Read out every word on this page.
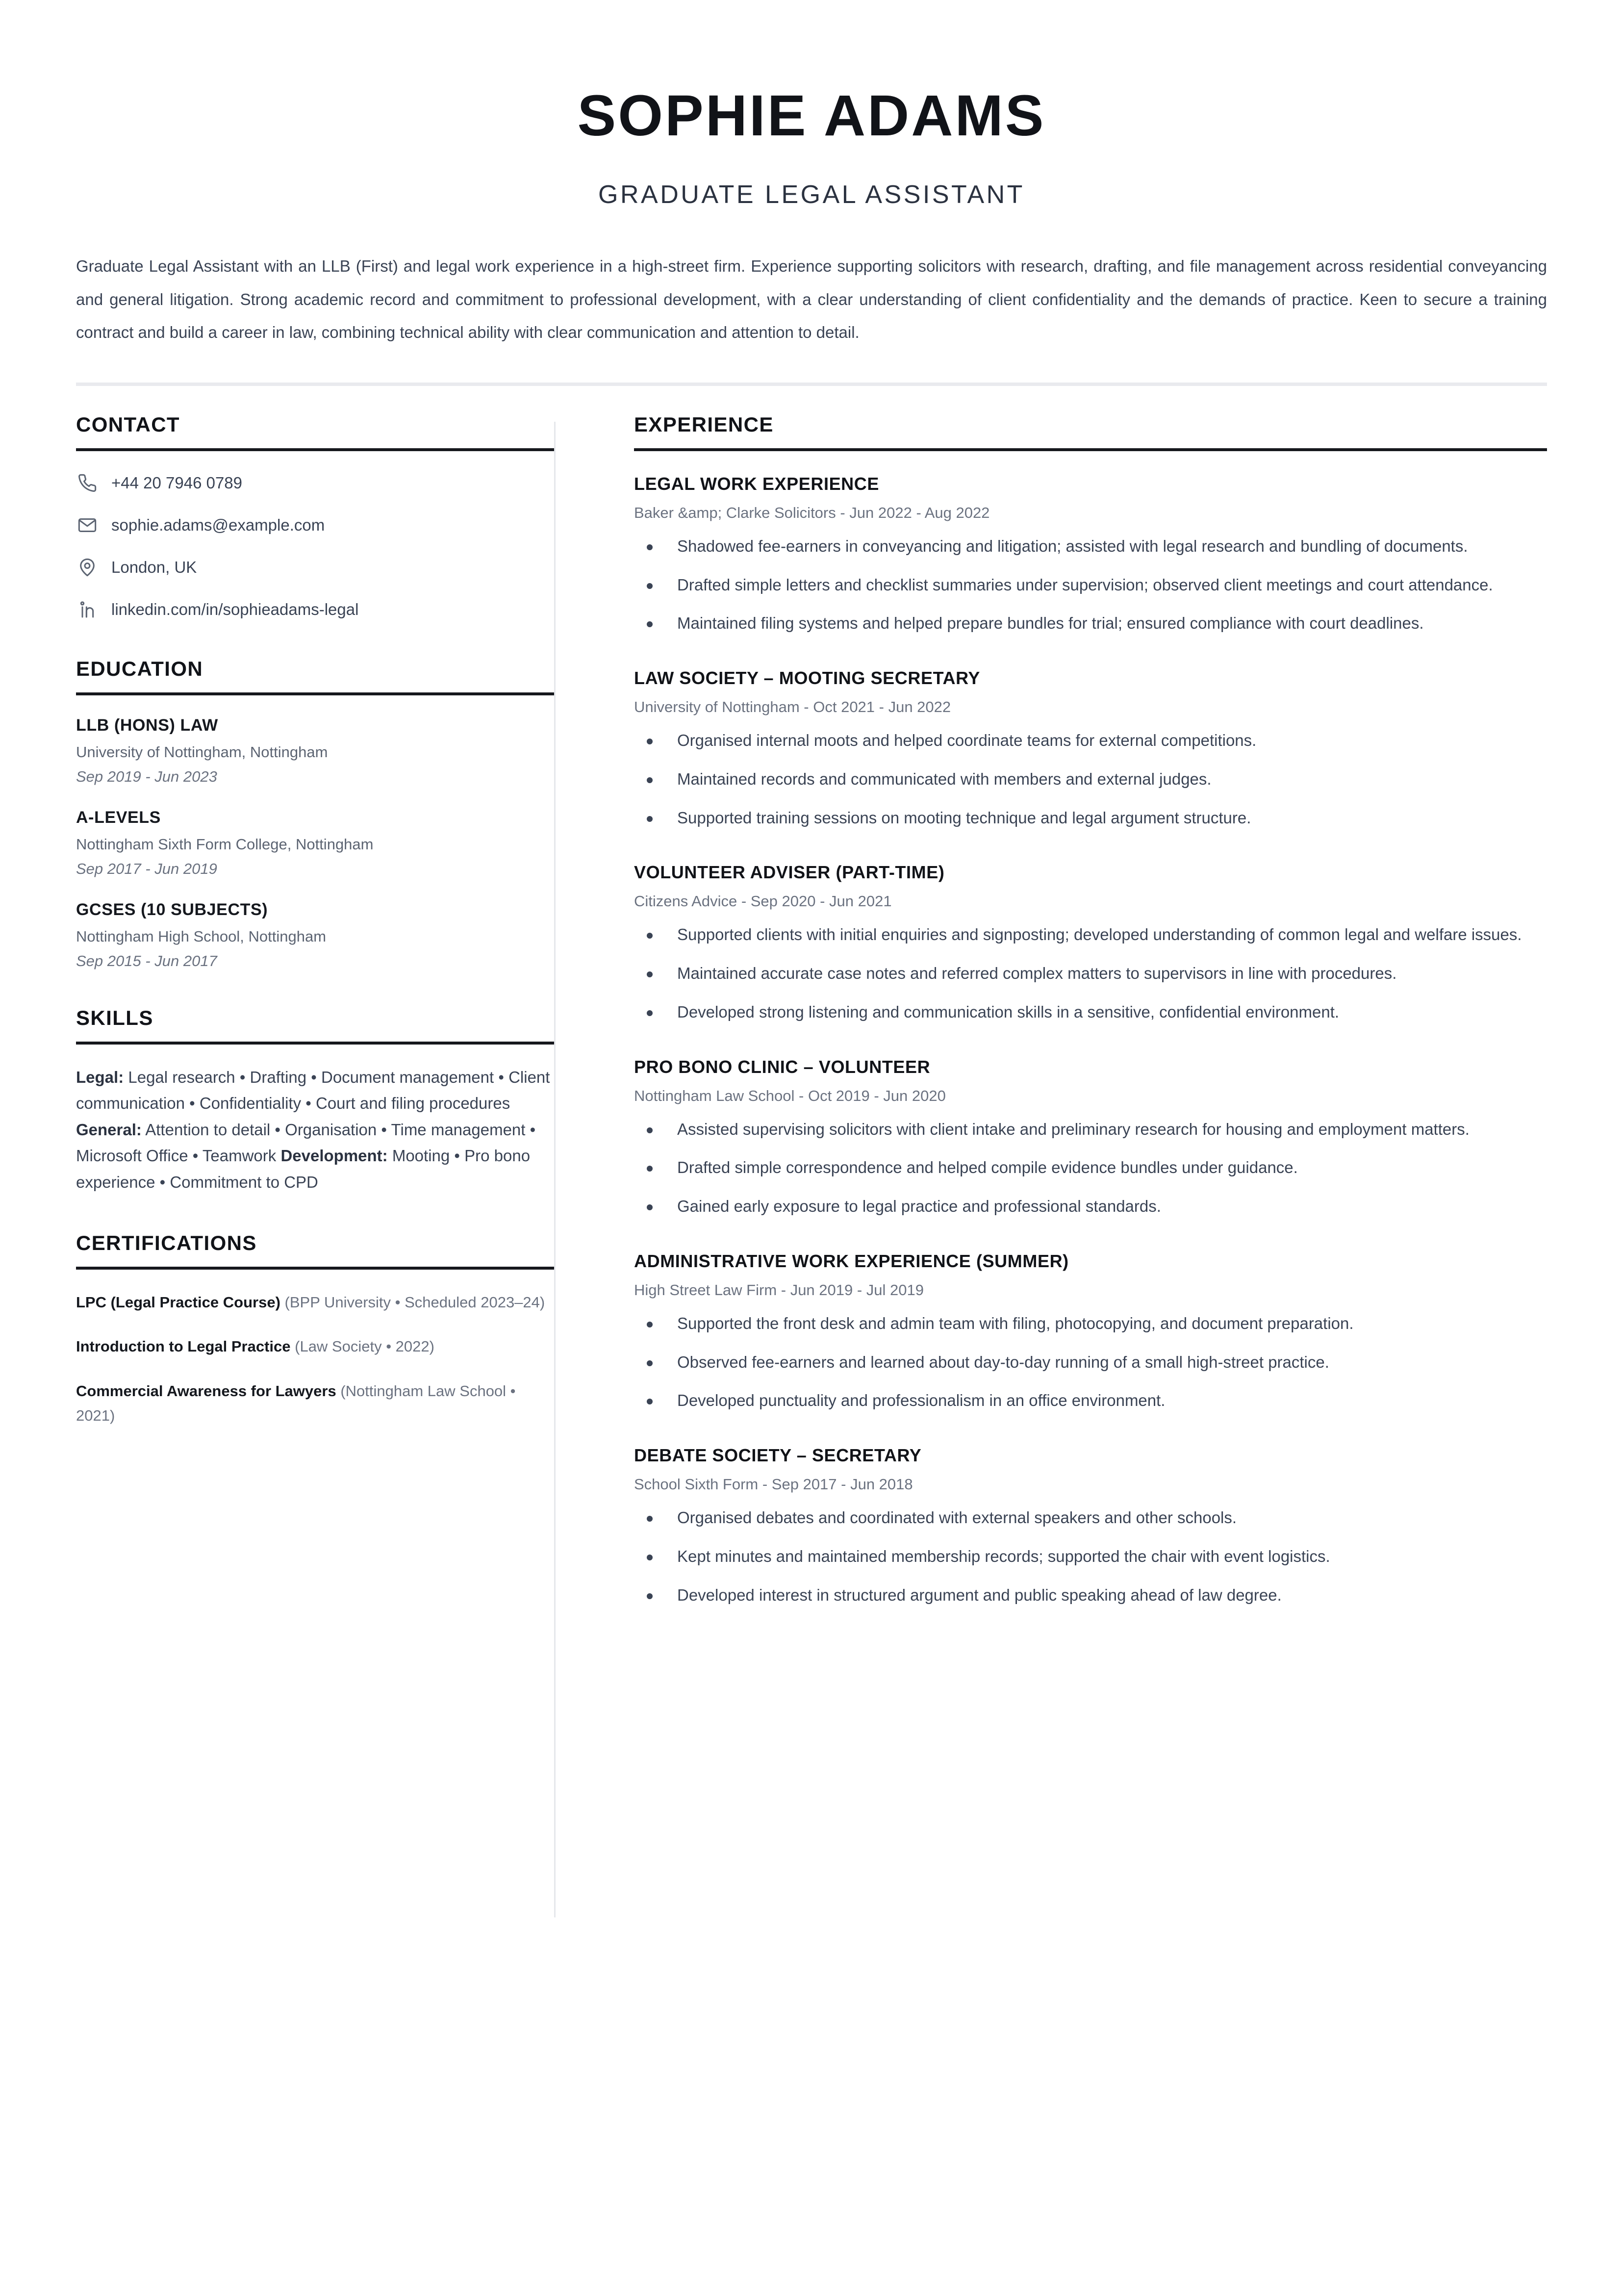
SOPHIE ADAMS
GRADUATE LEGAL ASSISTANT
Graduate Legal Assistant with an LLB (First) and legal work experience in a high-street firm. Experience supporting solicitors with research, drafting, and file management across residential conveyancing and general litigation. Strong academic record and commitment to professional development, with a clear understanding of client confidentiality and the demands of practice. Keen to secure a training contract and build a career in law, combining technical ability with clear communication and attention to detail.
CONTACT
+44 20 7946 0789
sophie.adams@example.com
London, UK
linkedin.com/in/sophieadams-legal
EDUCATION
LLB (HONS) LAW
University of Nottingham, Nottingham
Sep 2019 - Jun 2023
A-LEVELS
Nottingham Sixth Form College, Nottingham
Sep 2017 - Jun 2019
GCSES (10 SUBJECTS)
Nottingham High School, Nottingham
Sep 2015 - Jun 2017
SKILLS
Legal: Legal research • Drafting • Document management • Client communication • Confidentiality • Court and filing procedures General: Attention to detail • Organisation • Time management • Microsoft Office • Teamwork Development: Mooting • Pro bono experience • Commitment to CPD
CERTIFICATIONS
LPC (Legal Practice Course) (BPP University • Scheduled 2023–24)
Introduction to Legal Practice (Law Society • 2022)
Commercial Awareness for Lawyers (Nottingham Law School • 2021)
EXPERIENCE
LEGAL WORK EXPERIENCE
Baker &amp; Clarke Solicitors - Jun 2022 - Aug 2022
Shadowed fee-earners in conveyancing and litigation; assisted with legal research and bundling of documents.
Drafted simple letters and checklist summaries under supervision; observed client meetings and court attendance.
Maintained filing systems and helped prepare bundles for trial; ensured compliance with court deadlines.
LAW SOCIETY – MOOTING SECRETARY
University of Nottingham - Oct 2021 - Jun 2022
Organised internal moots and helped coordinate teams for external competitions.
Maintained records and communicated with members and external judges.
Supported training sessions on mooting technique and legal argument structure.
VOLUNTEER ADVISER (PART-TIME)
Citizens Advice - Sep 2020 - Jun 2021
Supported clients with initial enquiries and signposting; developed understanding of common legal and welfare issues.
Maintained accurate case notes and referred complex matters to supervisors in line with procedures.
Developed strong listening and communication skills in a sensitive, confidential environment.
PRO BONO CLINIC – VOLUNTEER
Nottingham Law School - Oct 2019 - Jun 2020
Assisted supervising solicitors with client intake and preliminary research for housing and employment matters.
Drafted simple correspondence and helped compile evidence bundles under guidance.
Gained early exposure to legal practice and professional standards.
ADMINISTRATIVE WORK EXPERIENCE (SUMMER)
High Street Law Firm - Jun 2019 - Jul 2019
Supported the front desk and admin team with filing, photocopying, and document preparation.
Observed fee-earners and learned about day-to-day running of a small high-street practice.
Developed punctuality and professionalism in an office environment.
DEBATE SOCIETY – SECRETARY
School Sixth Form - Sep 2017 - Jun 2018
Organised debates and coordinated with external speakers and other schools.
Kept minutes and maintained membership records; supported the chair with event logistics.
Developed interest in structured argument and public speaking ahead of law degree.
